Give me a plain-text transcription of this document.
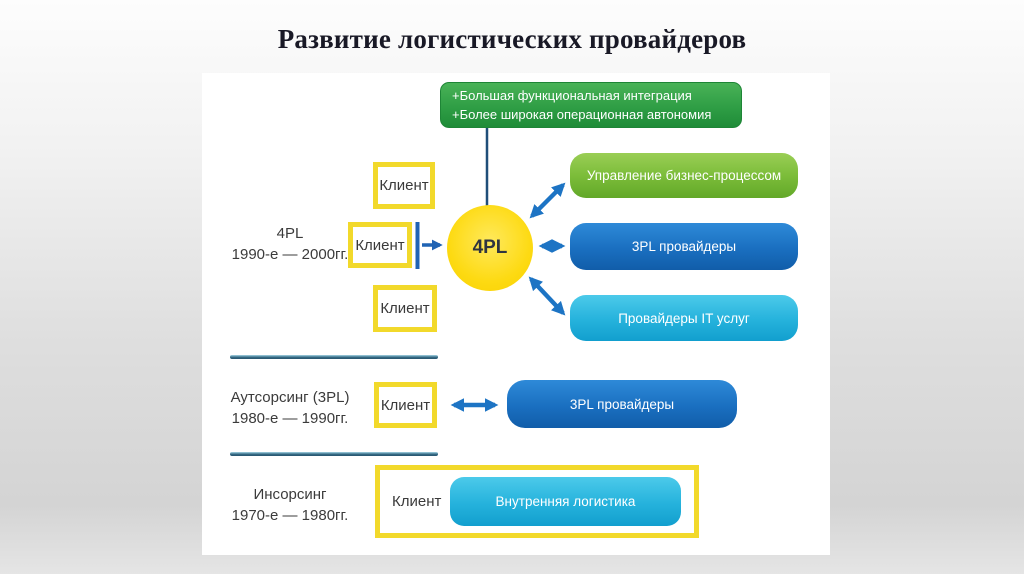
Развитие логистических провайдеров
+Большая функциональная интеграция
+Более широкая операционная автономия
4PL
1990-е — 2000гг.
Клиент
Клиент
Клиент
4PL
Управление бизнес-процессом
3PL провайдеры
Провайдеры IT услуг
Аутсорсинг (3PL)
1980-е — 1990гг.
Клиент	3PL провайдеры
Инсорсинг
1970-е — 1980гг.
Клиент	Внутренняя логистика
